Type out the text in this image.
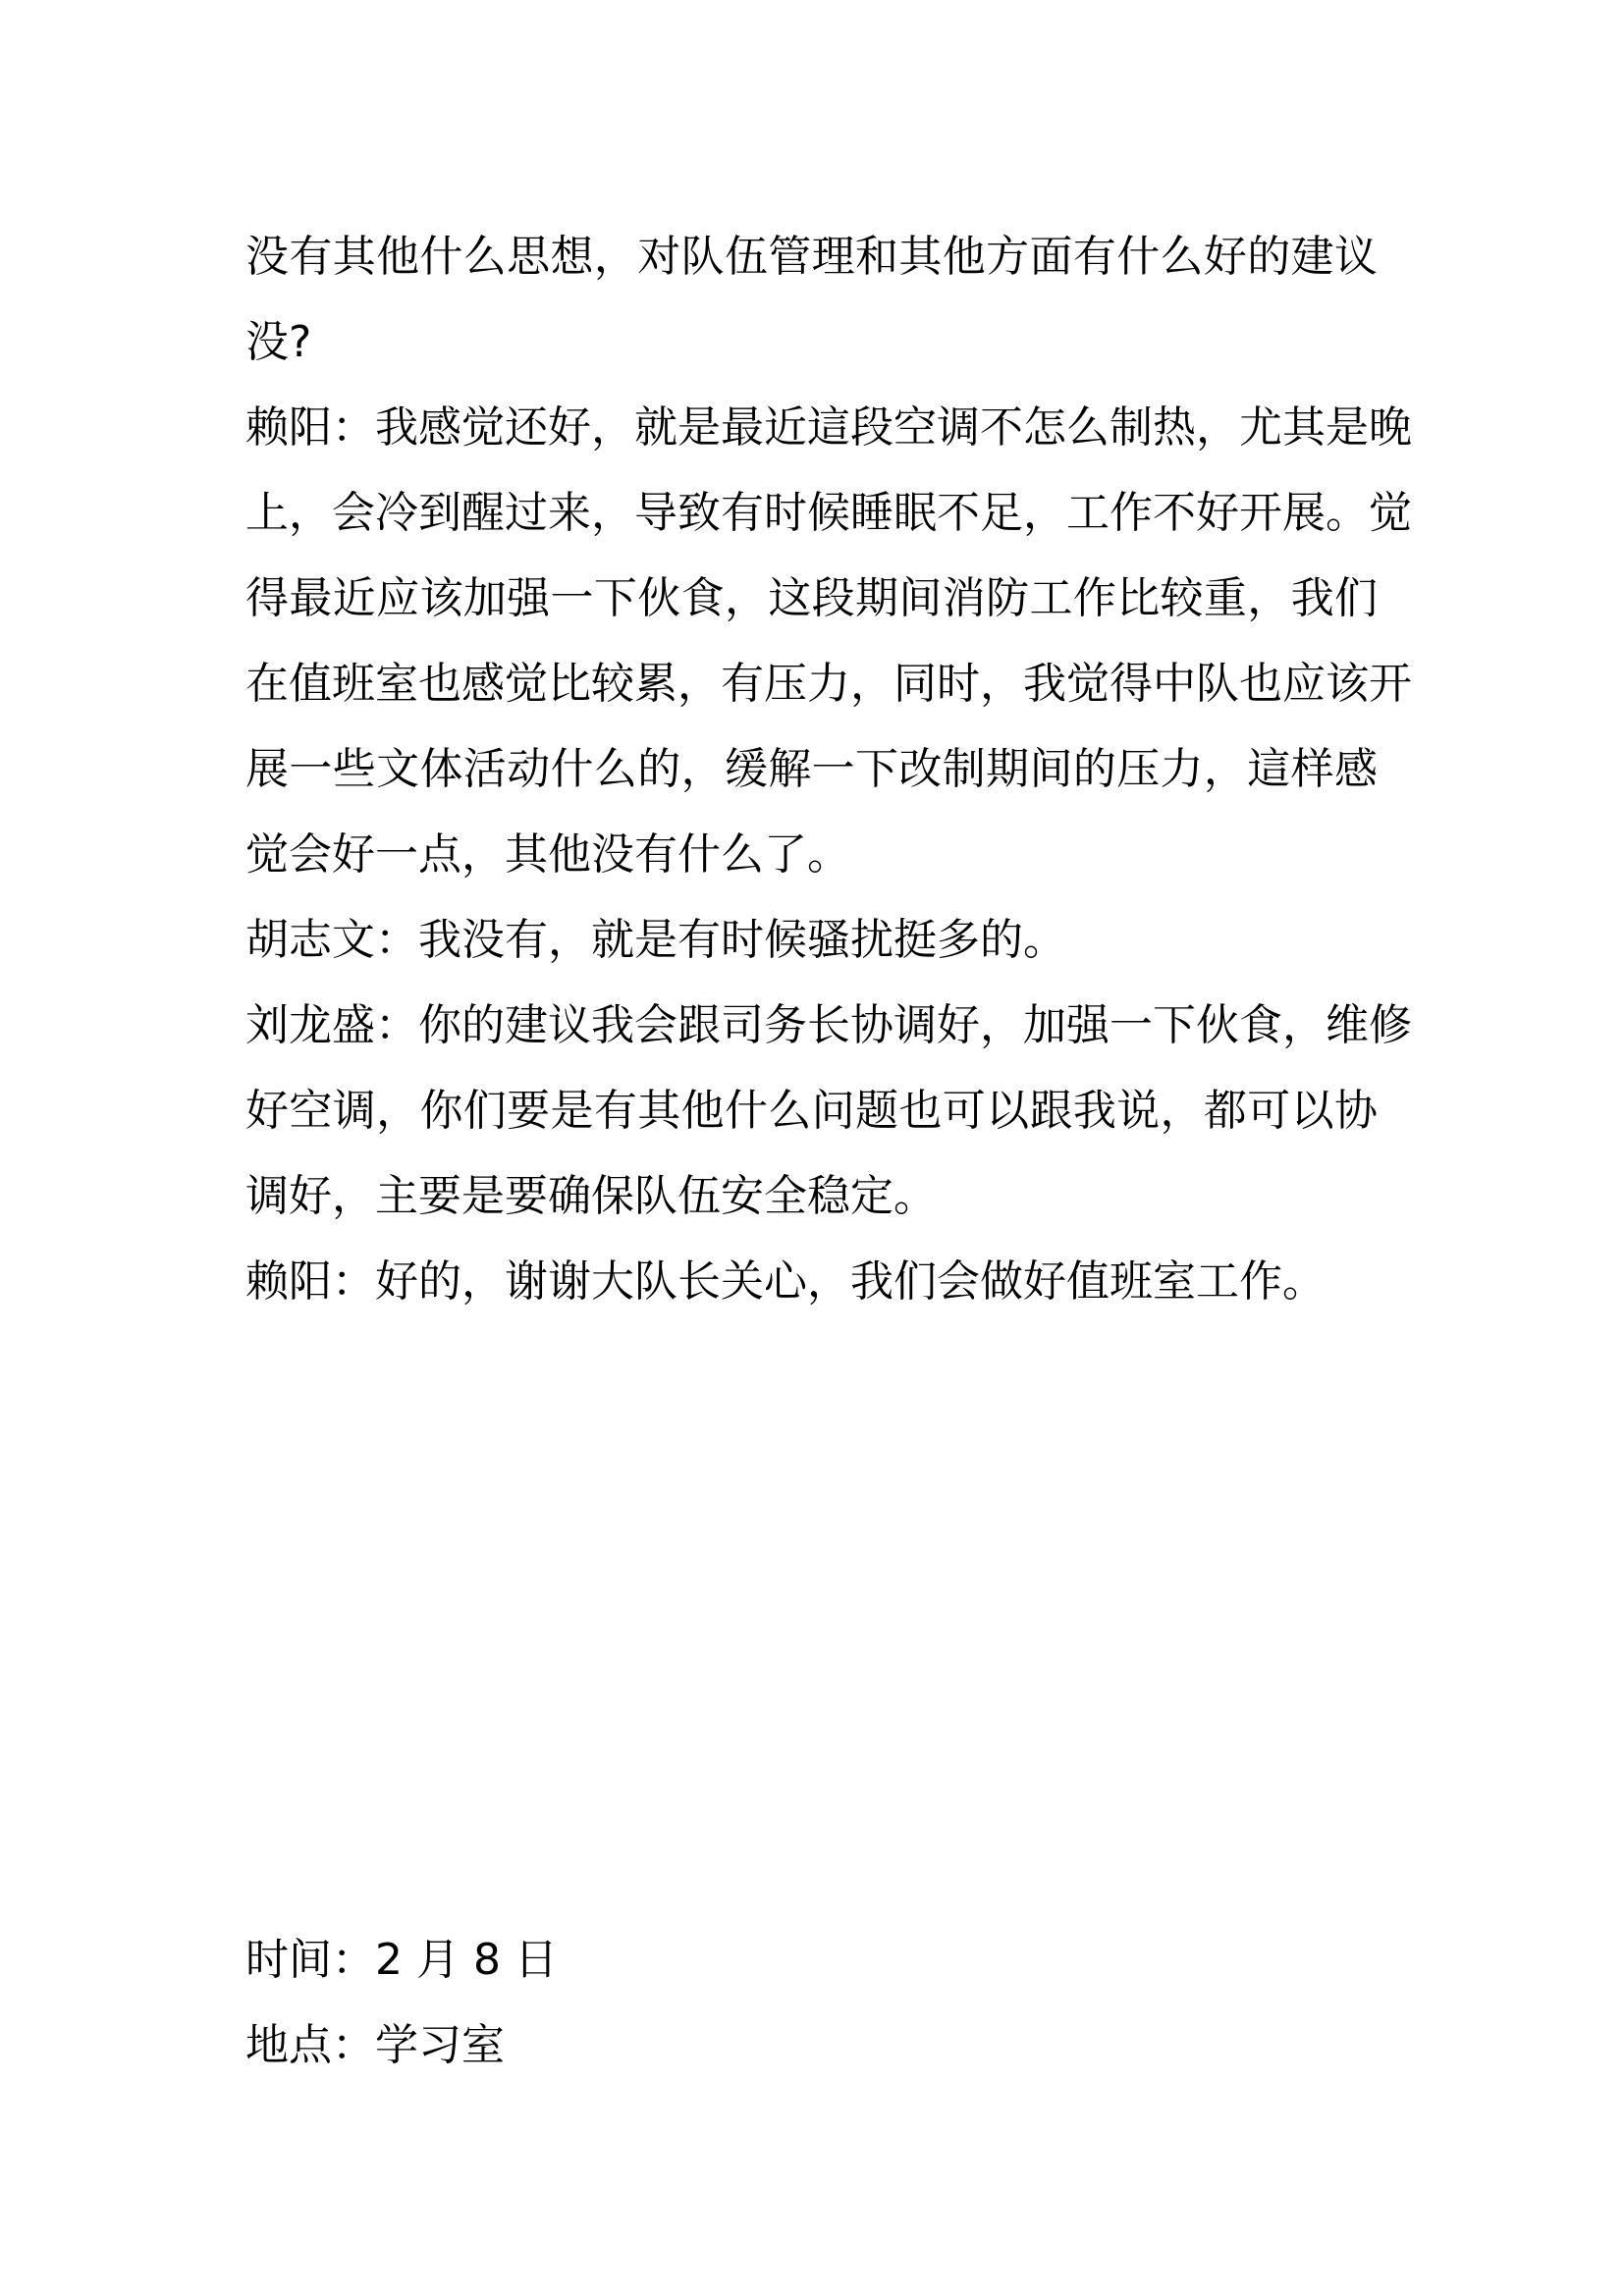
没有其他什么思想，对队伍管理和其他方面有什么好的建议
没?
赖阳：我感觉还好，就是最近這段空调不怎么制热，尤其是晚
上，会冷到醒过来，导致有时候睡眠不足，工作不好开展。觉
得最近应该加强一下伙食，这段期间消防工作比较重，我们
在值班室也感觉比较累，有压力，同时，我觉得中队也应该开
展一些文体活动什么的，缓解一下改制期间的压力，這样感
觉会好一点，其他没有什么了。
胡志文：我没有，就是有时候骚扰挺多的。
刘龙盛：你的建议我会跟司务长协调好，加强一下伙食，维修
好空调，你们要是有其他什么问题也可以跟我说，都可以协
调好，主要是要确保队伍安全稳定。
赖阳：好的，谢谢大队长关心，我们会做好值班室工作。
时间：2 月 8 日
地点：学习室
